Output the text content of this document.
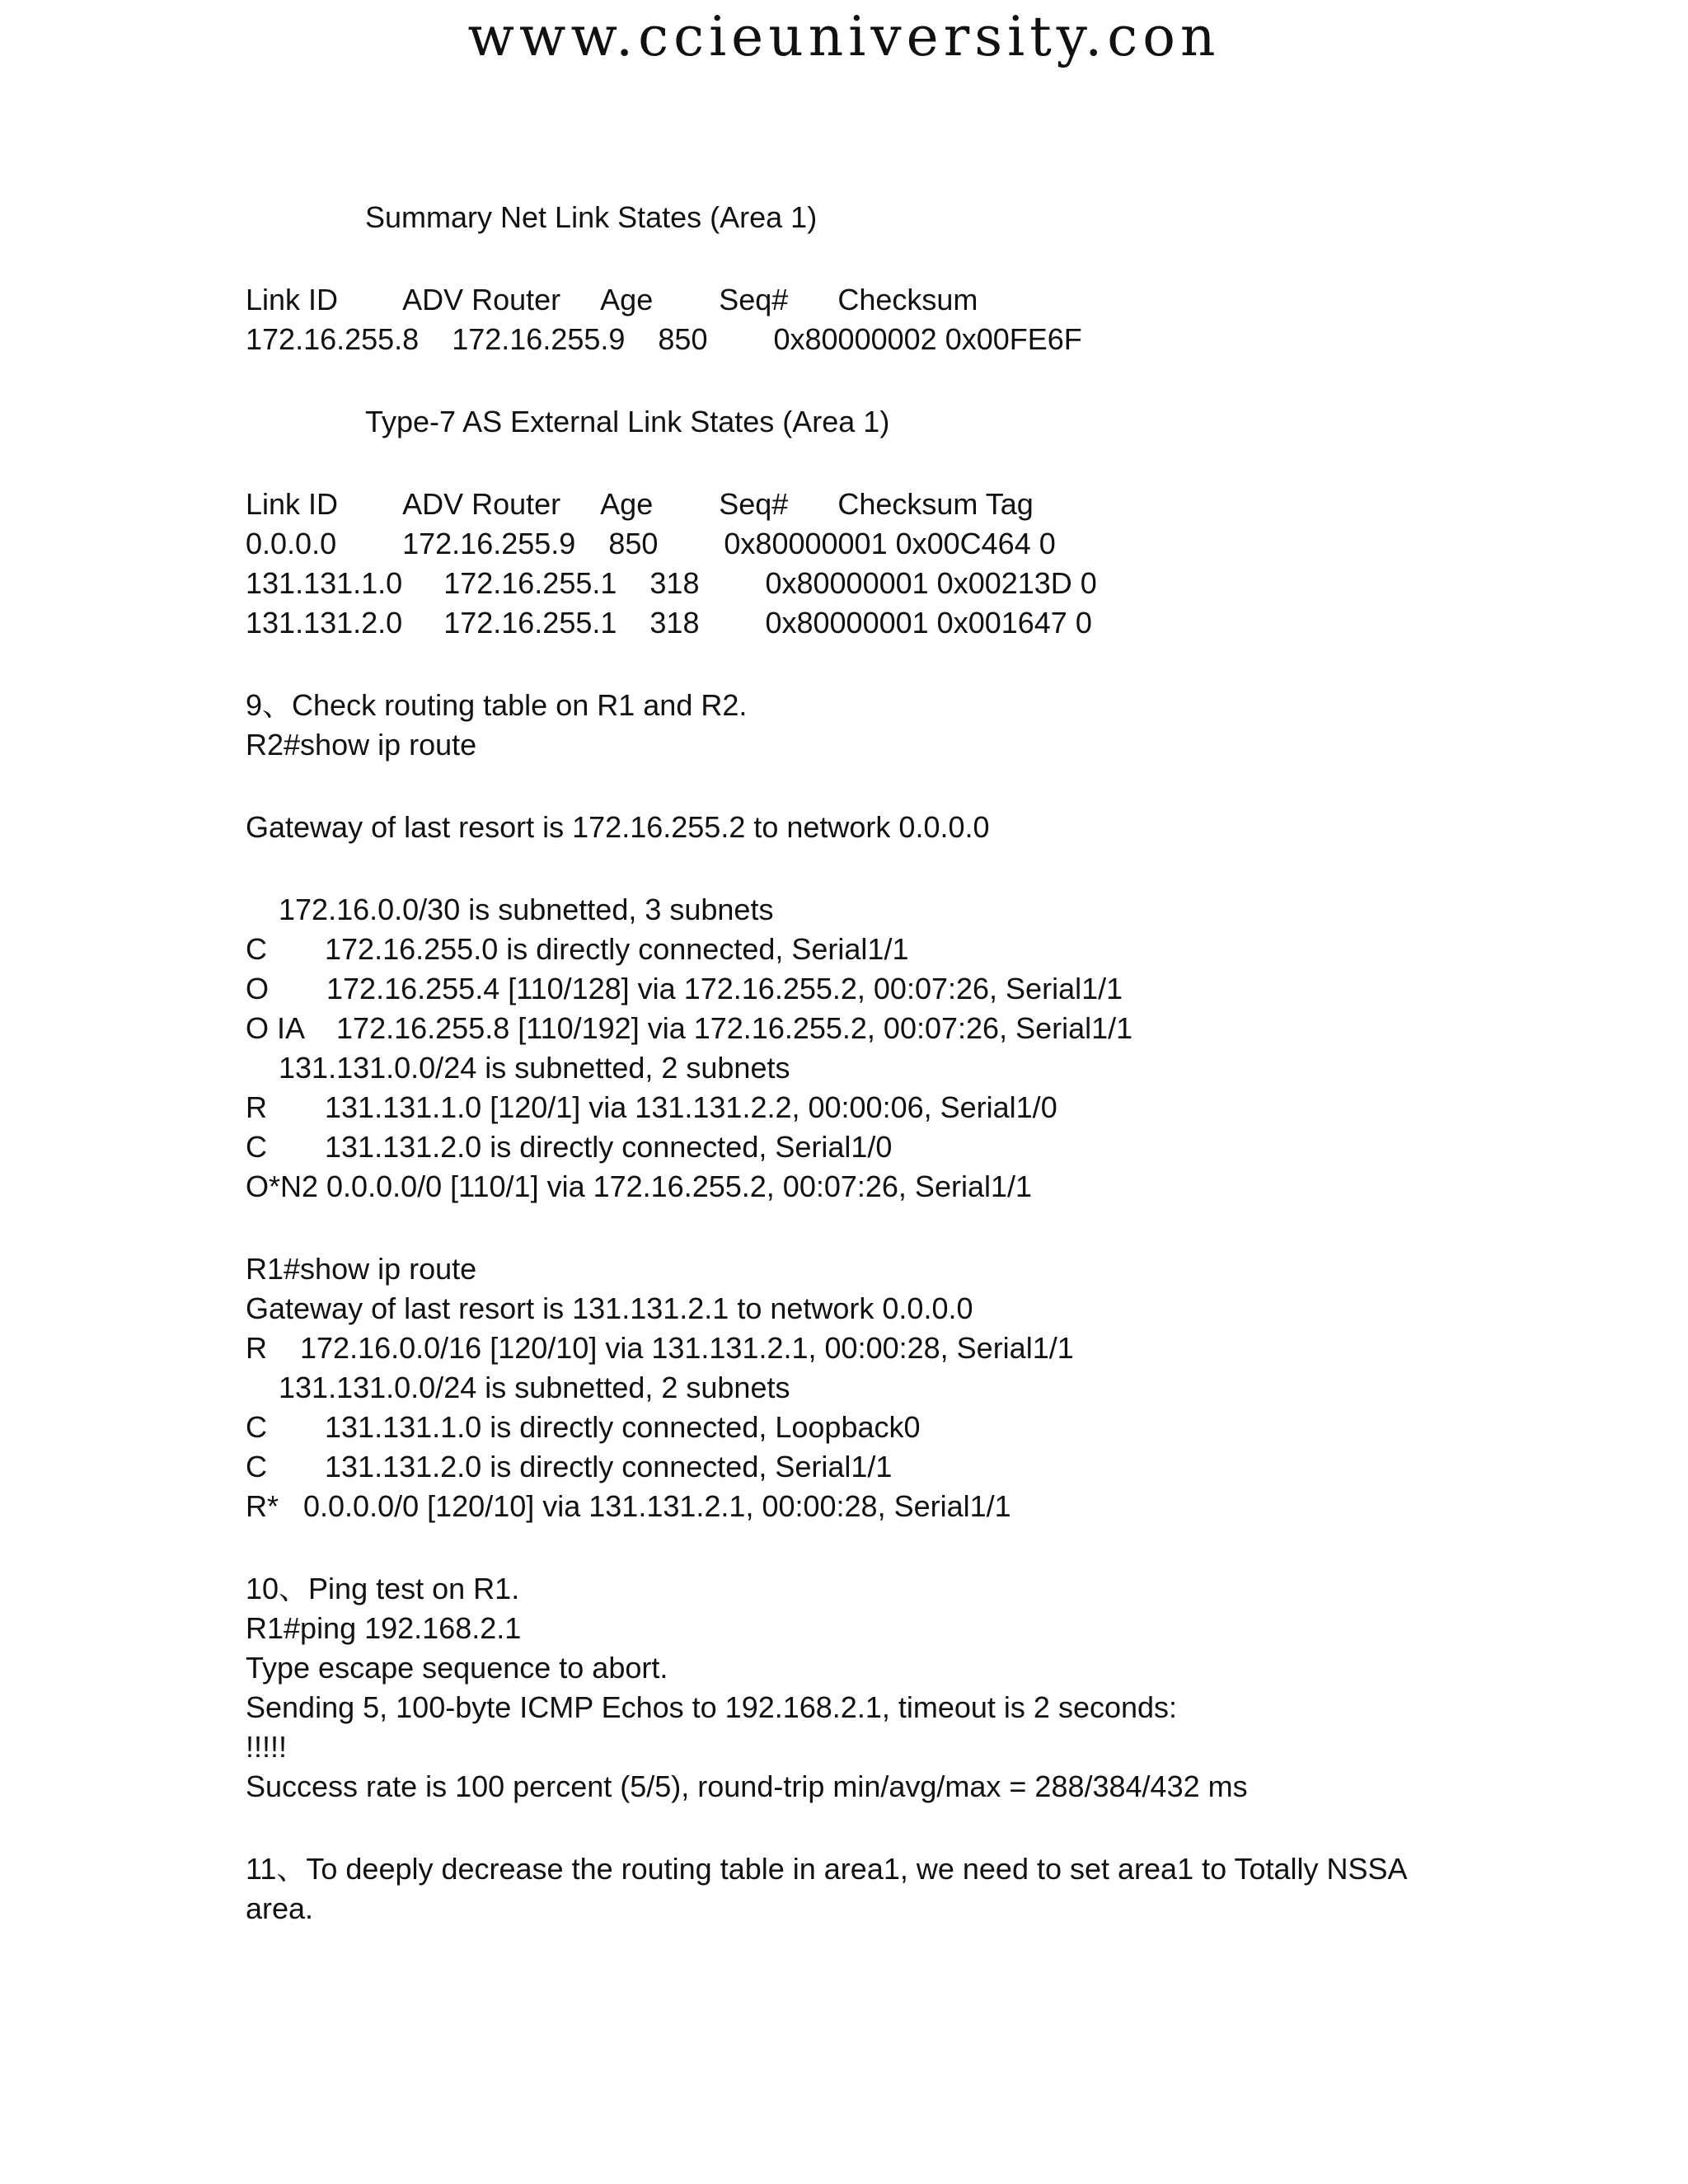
www.ccieuniversity.con
Summary Net Link States (Area 1)
Link ID        ADV Router     Age        Seq#      Checksum
172.16.255.8    172.16.255.9    850        0x80000002 0x00FE6F
Type-7 AS External Link States (Area 1)
Link ID        ADV Router     Age        Seq#      Checksum Tag
0.0.0.0        172.16.255.9    850        0x80000001 0x00C464 0
131.131.1.0     172.16.255.1    318        0x80000001 0x00213D 0
131.131.2.0     172.16.255.1    318        0x80000001 0x001647 0
9、Check routing table on R1 and R2.
R2#show ip route
Gateway of last resort is 172.16.255.2 to network 0.0.0.0
172.16.0.0/30 is subnetted, 3 subnets
C       172.16.255.0 is directly connected, Serial1/1
O       172.16.255.4 [110/128] via 172.16.255.2, 00:07:26, Serial1/1
O IA    172.16.255.8 [110/192] via 172.16.255.2, 00:07:26, Serial1/1
131.131.0.0/24 is subnetted, 2 subnets
R       131.131.1.0 [120/1] via 131.131.2.2, 00:00:06, Serial1/0
C       131.131.2.0 is directly connected, Serial1/0
O*N2 0.0.0.0/0 [110/1] via 172.16.255.2, 00:07:26, Serial1/1
R1#show ip route
Gateway of last resort is 131.131.2.1 to network 0.0.0.0
R    172.16.0.0/16 [120/10] via 131.131.2.1, 00:00:28, Serial1/1
131.131.0.0/24 is subnetted, 2 subnets
C       131.131.1.0 is directly connected, Loopback0
C       131.131.2.0 is directly connected, Serial1/1
R*   0.0.0.0/0 [120/10] via 131.131.2.1, 00:00:28, Serial1/1
10、Ping test on R1.
R1#ping 192.168.2.1
Type escape sequence to abort.
Sending 5, 100-byte ICMP Echos to 192.168.2.1, timeout is 2 seconds:
!!!!!
Success rate is 100 percent (5/5), round-trip min/avg/max = 288/384/432 ms
11、To deeply decrease the routing table in area1, we need to set area1 to Totally NSSA
area.
